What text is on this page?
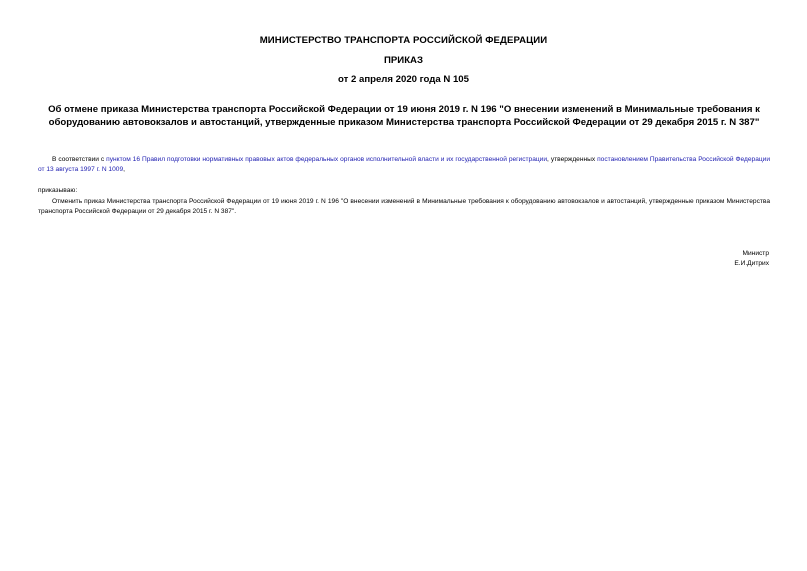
МИНИСТЕРСТВО ТРАНСПОРТА РОССИЙСКОЙ ФЕДЕРАЦИИ
ПРИКАЗ
от 2 апреля 2020 года N 105
Об отмене приказа Министерства транспорта Российской Федерации от 19 июня 2019 г. N 196 "О внесении изменений в Минимальные требования к оборудованию автовокзалов и автостанций, утвержденные приказом Министерства транспорта Российской Федерации от 29 декабря 2015 г. N 387"
В соответствии с пунктом 16 Правил подготовки нормативных правовых актов федеральных органов исполнительной власти и их государственной регистрации, утвержденных постановлением Правительства Российской Федерации от 13 августа 1997 г. N 1009,
приказываю:
Отменить приказ Министерства транспорта Российской Федерации от 19 июня 2019 г. N 196 "О внесении изменений в Минимальные требования к оборудованию автовокзалов и автостанций, утвержденные приказом Министерства транспорта Российской Федерации от 29 декабря 2015 г. N 387".
Министр
Е.И.Дитрих
